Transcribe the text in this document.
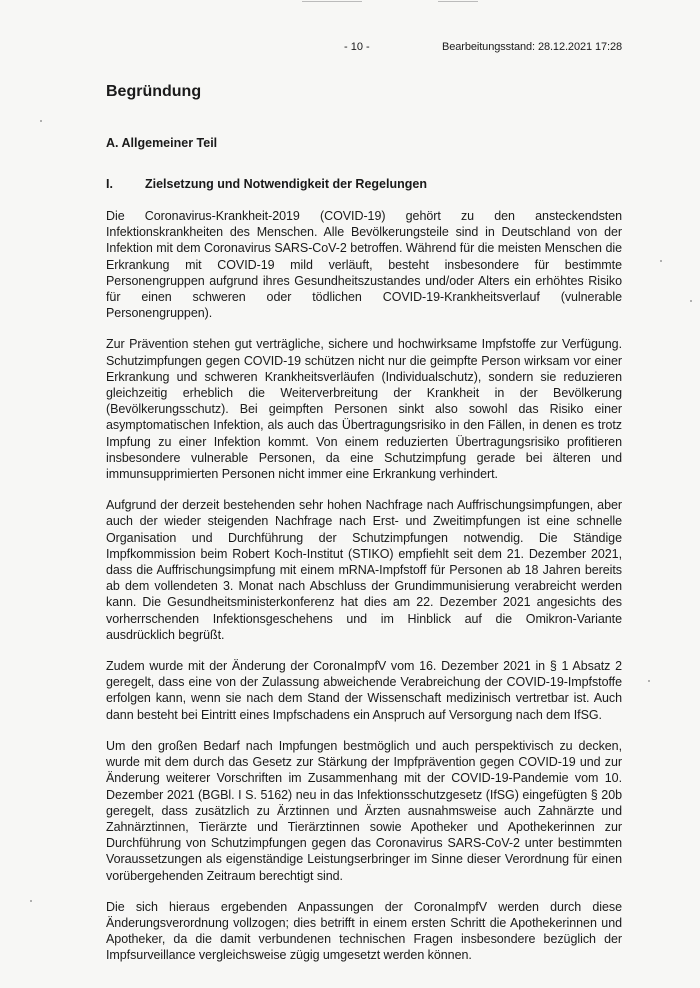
- 10 -	Bearbeitungsstand: 28.12.2021 17:28
Begründung
A. Allgemeiner Teil
I.	Zielsetzung und Notwendigkeit der Regelungen

Die Coronavirus-Krankheit-2019 (COVID-19) gehört zu den ansteckendsten Infektionskrankheiten des Menschen. Alle Bevölkerungsteile sind in Deutschland von der Infektion mit dem Coronavirus SARS-CoV-2 betroffen. Während für die meisten Menschen die Erkrankung mit COVID-19 mild verläuft, besteht insbesondere für bestimmte Personengruppen aufgrund ihres Gesundheitszustandes und/oder Alters ein erhöhtes Risiko für einen schweren oder tödlichen COVID-19-Krankheitsverlauf (vulnerable Personengruppen).

Zur Prävention stehen gut verträgliche, sichere und hochwirksame Impfstoffe zur Verfügung. Schutzimpfungen gegen COVID-19 schützen nicht nur die geimpfte Person wirksam vor einer Erkrankung und schweren Krankheitsverläufen (Individualschutz), sondern sie reduzieren gleichzeitig erheblich die Weiterverbreitung der Krankheit in der Bevölkerung (Bevölkerungsschutz). Bei geimpften Personen sinkt also sowohl das Risiko einer asymptomatischen Infektion, als auch das Übertragungsrisiko in den Fällen, in denen es trotz Impfung zu einer Infektion kommt. Von einem reduzierten Übertragungsrisiko profitieren insbesondere vulnerable Personen, da eine Schutzimpfung gerade bei älteren und immunsupprimierten Personen nicht immer eine Erkrankung verhindert.

Aufgrund der derzeit bestehenden sehr hohen Nachfrage nach Auffrischungsimpfungen, aber auch der wieder steigenden Nachfrage nach Erst- und Zweitimpfungen ist eine schnelle Organisation und Durchführung der Schutzimpfungen notwendig. Die Ständige Impfkommission beim Robert Koch-Institut (STIKO) empfiehlt seit dem 21. Dezember 2021, dass die Auffrischungsimpfung mit einem mRNA-Impfstoff für Personen ab 18 Jahren bereits ab dem vollendeten 3. Monat nach Abschluss der Grundimmunisierung verabreicht werden kann. Die Gesundheitsministerkonferenz hat dies am 22. Dezember 2021 angesichts des vorherrschenden Infektionsgeschehens und im Hinblick auf die Omikron-Variante ausdrücklich begrüßt.

Zudem wurde mit der Änderung der CoronaImpfV vom 16. Dezember 2021 in § 1 Absatz 2 geregelt, dass eine von der Zulassung abweichende Verabreichung der COVID-19-Impfstoffe erfolgen kann, wenn sie nach dem Stand der Wissenschaft medizinisch vertretbar ist. Auch dann besteht bei Eintritt eines Impfschadens ein Anspruch auf Versorgung nach dem IfSG.

Um den großen Bedarf nach Impfungen bestmöglich und auch perspektivisch zu decken, wurde mit dem durch das Gesetz zur Stärkung der Impfprävention gegen COVID-19 und zur Änderung weiterer Vorschriften im Zusammenhang mit der COVID-19-Pandemie vom 10. Dezember 2021 (BGBl. I S. 5162) neu in das Infektionsschutzgesetz (IfSG) eingefügten § 20b geregelt, dass zusätzlich zu Ärztinnen und Ärzten ausnahmsweise auch Zahnärzte und Zahnärztinnen, Tierärzte und Tierärztinnen sowie Apotheker und Apothekerinnen zur Durchführung von Schutzimpfungen gegen das Coronavirus SARS-CoV-2 unter bestimmten Voraussetzungen als eigenständige Leistungserbringer im Sinne dieser Verordnung für einen vorübergehenden Zeitraum berechtigt sind.

Die sich hieraus ergebenden Anpassungen der CoronaImpfV werden durch diese Änderungsverordnung vollzogen; dies betrifft in einem ersten Schritt die Apothekerinnen und Apotheker, da die damit verbundenen technischen Fragen insbesondere bezüglich der Impfsurveillance vergleichsweise zügig umgesetzt werden können.
